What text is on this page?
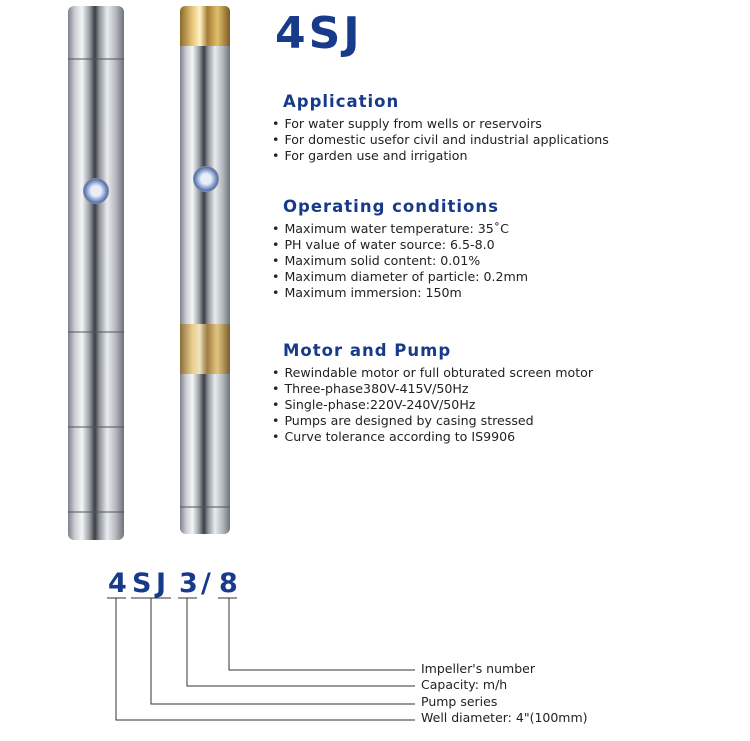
4SJ
Application
• For water supply from wells or reservoirs
• For domestic usefor civil and industrial applications
• For garden use and irrigation
Operating conditions
• Maximum water temperature: 35˚C
• PH value of water source: 6.5-8.0
• Maximum solid content: 0.01%
• Maximum diameter of particle: 0.2mm
• Maximum immersion: 150m
Motor and Pump
• Rewindable motor or full obturated screen motor
• Three-phase380V-415V/50Hz
• Single-phase:220V-240V/50Hz
• Pumps are designed by casing stressed
• Curve tolerance according to IS9906
4 S J 3 / 8
Impeller's number
Capacity: m/h
Pump series
Well diameter: 4"(100mm)
